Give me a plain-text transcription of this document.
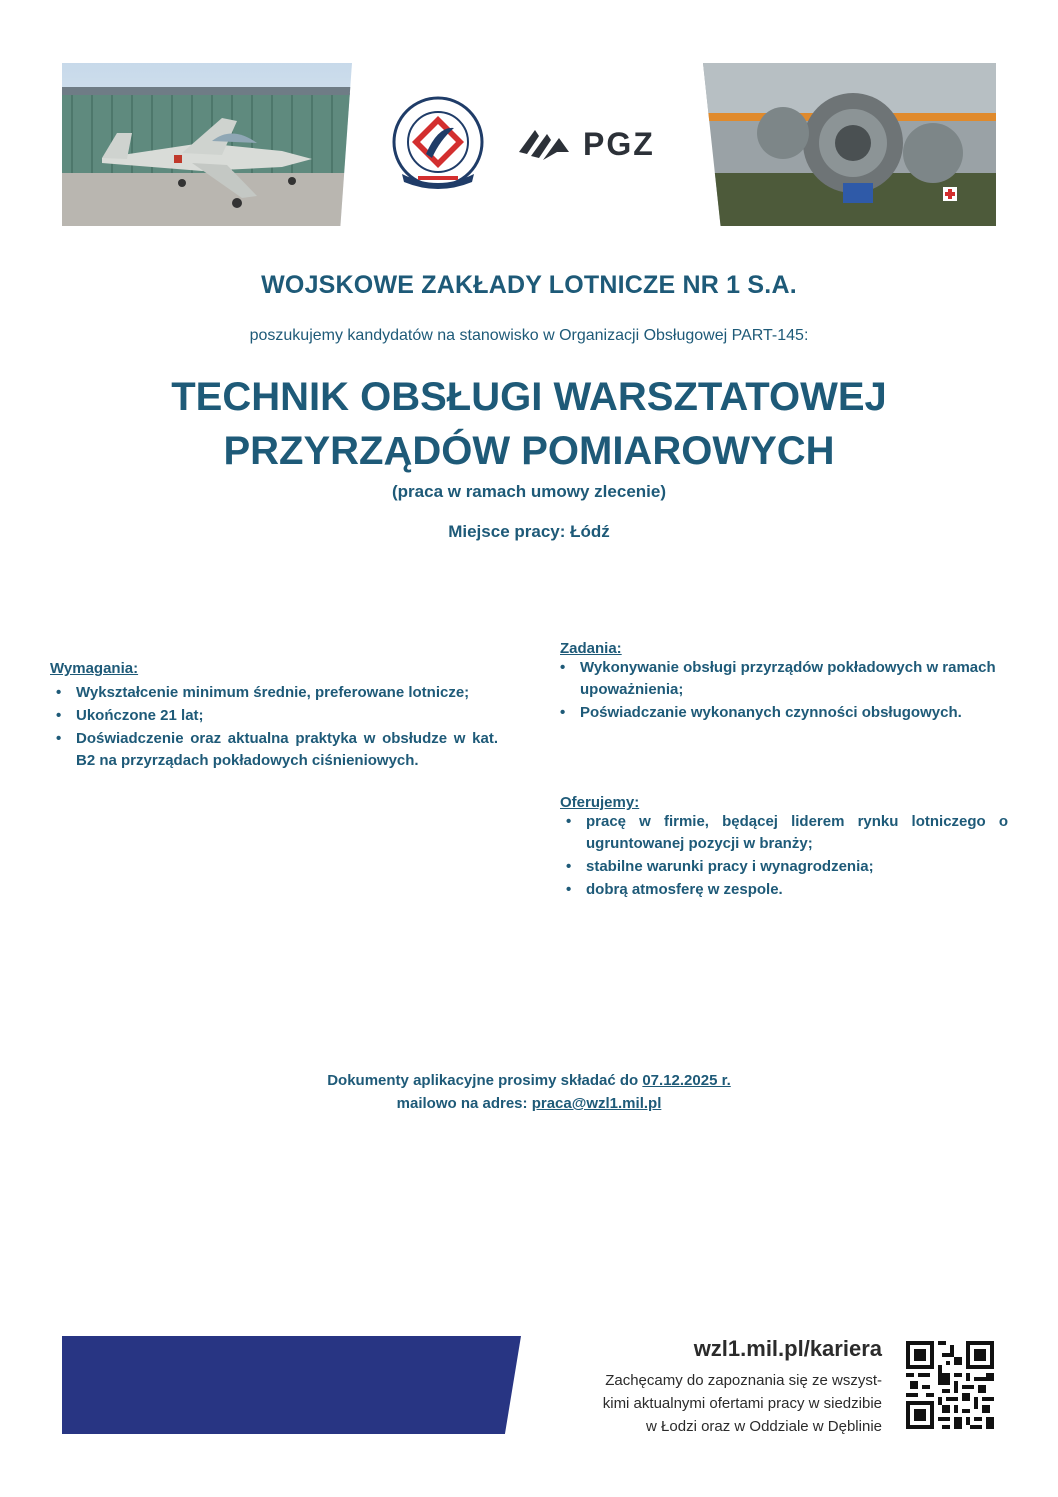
PGZ
WOJSKOWE ZAKŁADY LOTNICZE NR 1 S.A.
poszukujemy kandydatów na stanowisko w Organizacji Obsługowej PART-145:
TECHNIK OBSŁUGI WARSZTATOWEJ
PRZYRZĄDÓW POMIAROWYCH
(praca w ramach umowy zlecenie)
Miejsce pracy: Łódź
Wymagania:
• Wykształcenie minimum średnie, preferowane lotnicze;
• Ukończone 21 lat;
• Doświadczenie oraz aktualna praktyka w obsłudze w kat. B2 na przyrządach pokładowych ciśnieniowych.
Zadania:
• Wykonywanie obsługi przyrządów pokładowych w ramach upoważnienia;
• Poświadczanie wykonanych czynności obsługowych.
Oferujemy:
• pracę w firmie, będącej liderem rynku lotniczego o ugruntowanej pozycji w branży;
• stabilne warunki pracy i wynagrodzenia;
• dobrą atmosferę w zespole.
Dokumenty aplikacyjne prosimy składać do 07.12.2025 r.
mailowo na adres: praca@wzl1.mil.pl
wzl1.mil.pl/kariera
Zachęcamy do zapoznania się ze wszyst-
kimi aktualnymi ofertami pracy w siedzibie
w Łodzi oraz w Oddziale w Dęblinie
